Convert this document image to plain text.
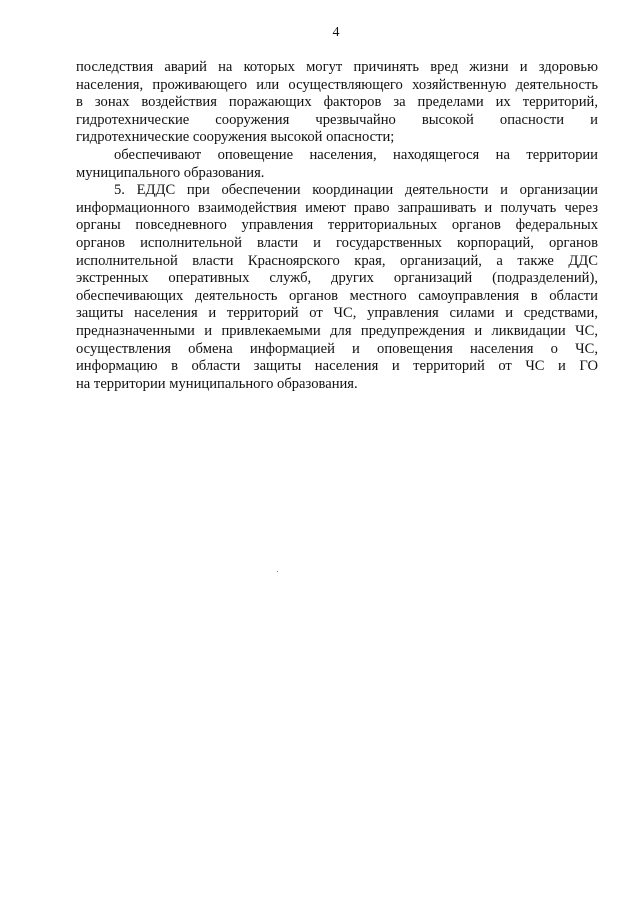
4
последствия аварий на которых могут причинять вред жизни и здоровью
населения, проживающего или осуществляющего хозяйственную деятельность
в зонах воздействия поражающих факторов за пределами их территорий,
гидротехнические сооружения чрезвычайно высокой опасности и
гидротехнические сооружения высокой опасности;
обеспечивают оповещение населения, находящегося на территории
муниципального образования.
5. ЕДДС при обеспечении координации деятельности и организации
информационного взаимодействия имеют право запрашивать и получать через
органы повседневного управления территориальных органов федеральных
органов исполнительной власти и государственных корпораций, органов
исполнительной власти Красноярского края, организаций, а также ДДС
экстренных оперативных служб, других организаций (подразделений),
обеспечивающих деятельность органов местного самоуправления в области
защиты населения и территорий от ЧС, управления силами и средствами,
предназначенными и привлекаемыми для предупреждения и ликвидации ЧС,
осуществления обмена информацией и оповещения населения о ЧС,
информацию в области защиты населения и территорий от ЧС и ГО
на территории муниципального образования.
